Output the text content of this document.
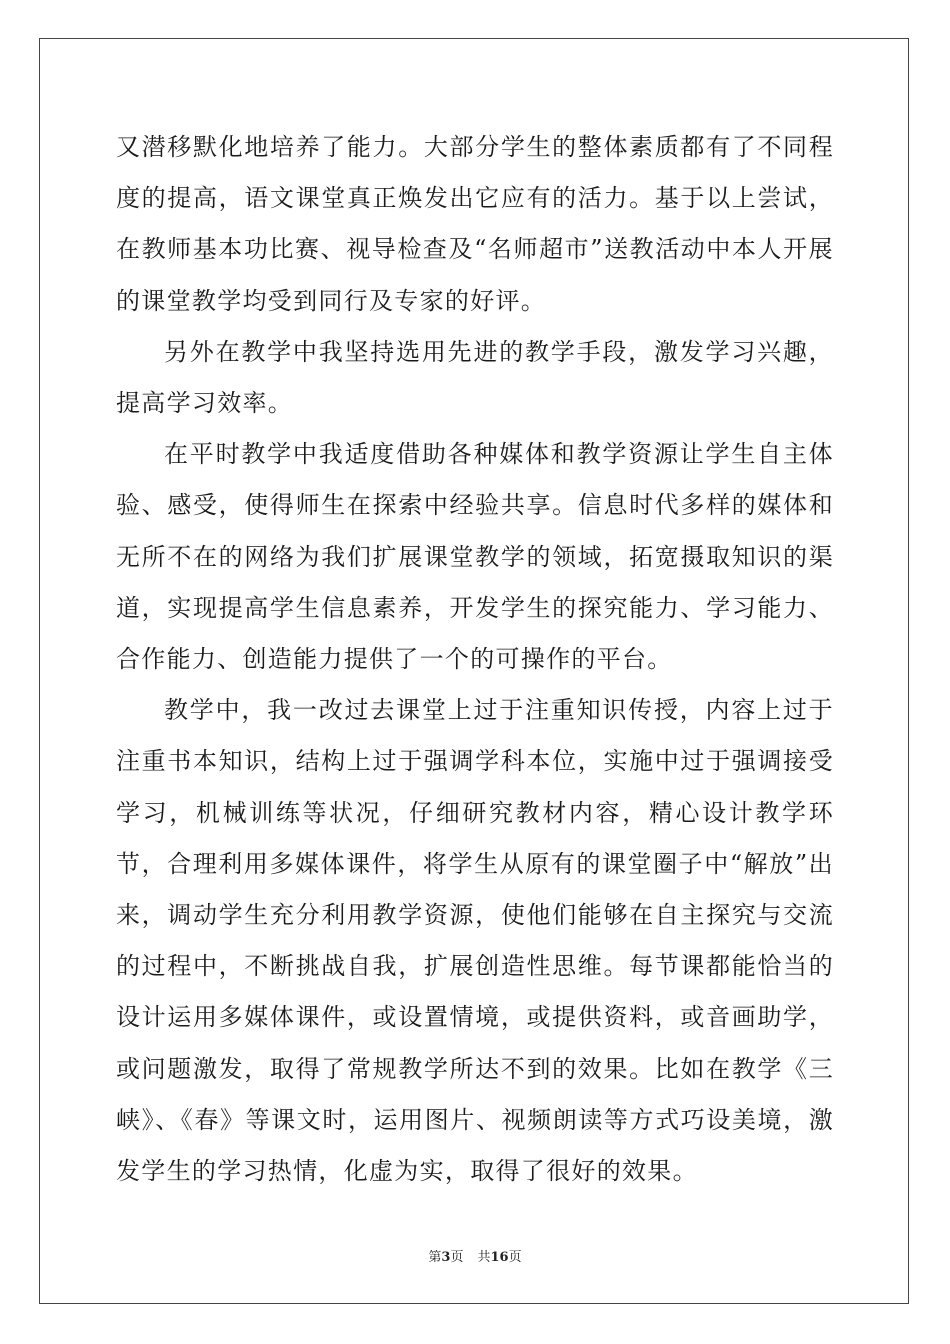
又潜移默化地培养了能力。大部分学生的整体素质都有了不同程度的提高，语文课堂真正焕发出它应有的活力。基于以上尝试，在教师基本功比赛、视导检查及“名师超市”送教活动中本人开展的课堂教学均受到同行及专家的好评。

另外在教学中我坚持选用先进的教学手段，激发学习兴趣，提高学习效率。

在平时教学中我适度借助各种媒体和教学资源让学生自主体验、感受，使得师生在探索中经验共享。信息时代多样的媒体和无所不在的网络为我们扩展课堂教学的领域，拓宽摄取知识的渠道，实现提高学生信息素养，开发学生的探究能力、学习能力、合作能力、创造能力提供了一个的可操作的平台。

教学中，我一改过去课堂上过于注重知识传授，内容上过于注重书本知识，结构上过于强调学科本位，实施中过于强调接受学习，机械训练等状况，仔细研究教材内容，精心设计教学环节，合理利用多媒体课件，将学生从原有的课堂圈子中“解放”出来，调动学生充分利用教学资源，使他们能够在自主探究与交流的过程中，不断挑战自我，扩展创造性思维。每节课都能恰当的设计运用多媒体课件，或设置情境，或提供资料，或音画助学，或问题激发，取得了常规教学所达不到的效果。比如在教学《三峡》、《春》等课文时，运用图片、视频朗读等方式巧设美境，激发学生的学习热情，化虚为实，取得了很好的效果。

第3页 共16页
